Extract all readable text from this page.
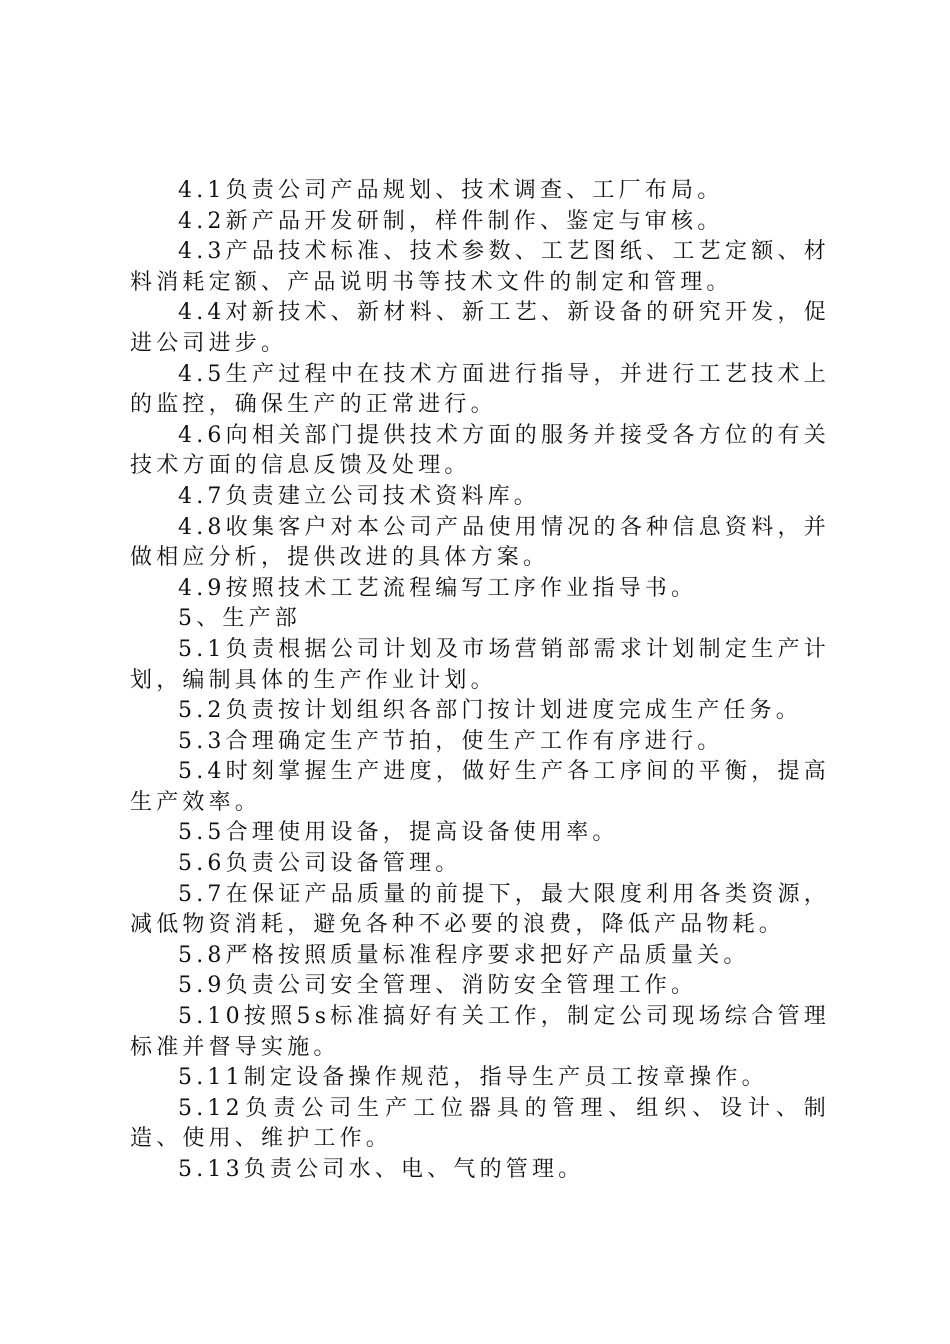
4.1负责公司产品规划、技术调查、工厂布局。

4.2新产品开发研制，样件制作、鉴定与审核。

4.3产品技术标准、技术参数、工艺图纸、工艺定额、材料消耗定额、产品说明书等技术文件的制定和管理。

4.4对新技术、新材料、新工艺、新设备的研究开发，促进公司进步。

4.5生产过程中在技术方面进行指导，并进行工艺技术上的监控，确保生产的正常进行。

4.6向相关部门提供技术方面的服务并接受各方位的有关技术方面的信息反馈及处理。

4.7负责建立公司技术资料库。

4.8收集客户对本公司产品使用情况的各种信息资料，并做相应分析，提供改进的具体方案。

4.9按照技术工艺流程编写工序作业指导书。

5、生产部

5.1负责根据公司计划及市场营销部需求计划制定生产计划，编制具体的生产作业计划。

5.2负责按计划组织各部门按计划进度完成生产任务。

5.3合理确定生产节拍，使生产工作有序进行。

5.4时刻掌握生产进度，做好生产各工序间的平衡，提高生产效率。

5.5合理使用设备，提高设备使用率。

5.6负责公司设备管理。

5.7在保证产品质量的前提下，最大限度利用各类资源，减低物资消耗，避免各种不必要的浪费，降低产品物耗。

5.8严格按照质量标准程序要求把好产品质量关。

5.9负责公司安全管理、消防安全管理工作。

5.10按照5s标准搞好有关工作，制定公司现场综合管理标准并督导实施。

5.11制定设备操作规范，指导生产员工按章操作。

5.12负责公司生产工位器具的管理、组织、设计、制造、使用、维护工作。

5.13负责公司水、电、气的管理。
